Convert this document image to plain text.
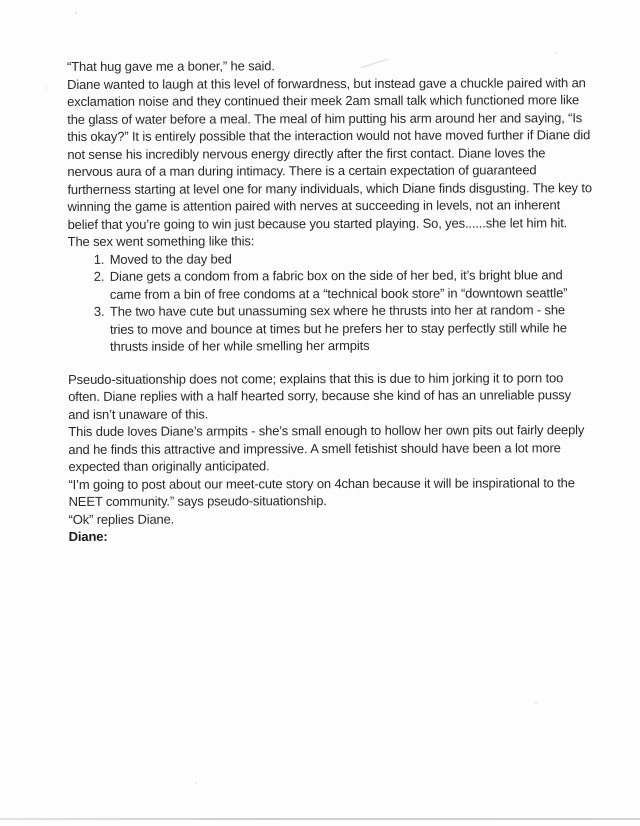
“That hug gave me a boner,” he said.

Diane wanted to laugh at this level of forwardness, but instead gave a chuckle paired with an exclamation noise and they continued their meek 2am small talk which functioned more like the glass of water before a meal. The meal of him putting his arm around her and saying, “Is this okay?” It is entirely possible that the interaction would not have moved further if Diane did not sense his incredibly nervous energy directly after the first contact. Diane loves the nervous aura of a man during intimacy. There is a certain expectation of guaranteed furtherness starting at level one for many individuals, which Diane finds disgusting. The key to winning the game is attention paired with nerves at succeeding in levels, not an inherent belief that you’re going to win just because you started playing. So, yes......she let him hit.

The sex went something like this:

1. Moved to the day bed
2. Diane gets a condom from a fabric box on the side of her bed, it’s bright blue and came from a bin of free condoms at a “technical book store” in “downtown seattle”
3. The two have cute but unassuming sex where he thrusts into her at random - she tries to move and bounce at times but he prefers her to stay perfectly still while he thrusts inside of her while smelling her armpits

Pseudo-situationship does not come; explains that this is due to him jorking it to porn too often. Diane replies with a half hearted sorry, because she kind of has an unreliable pussy and isn’t unaware of this.

This dude loves Diane’s armpits - she’s small enough to hollow her own pits out fairly deeply and he finds this attractive and impressive. A smell fetishist should have been a lot more expected than originally anticipated.

“I’m going to post about our meet-cute story on 4chan because it will be inspirational to the NEET community.” says pseudo-situationship.

“Ok” replies Diane.

Diane:
